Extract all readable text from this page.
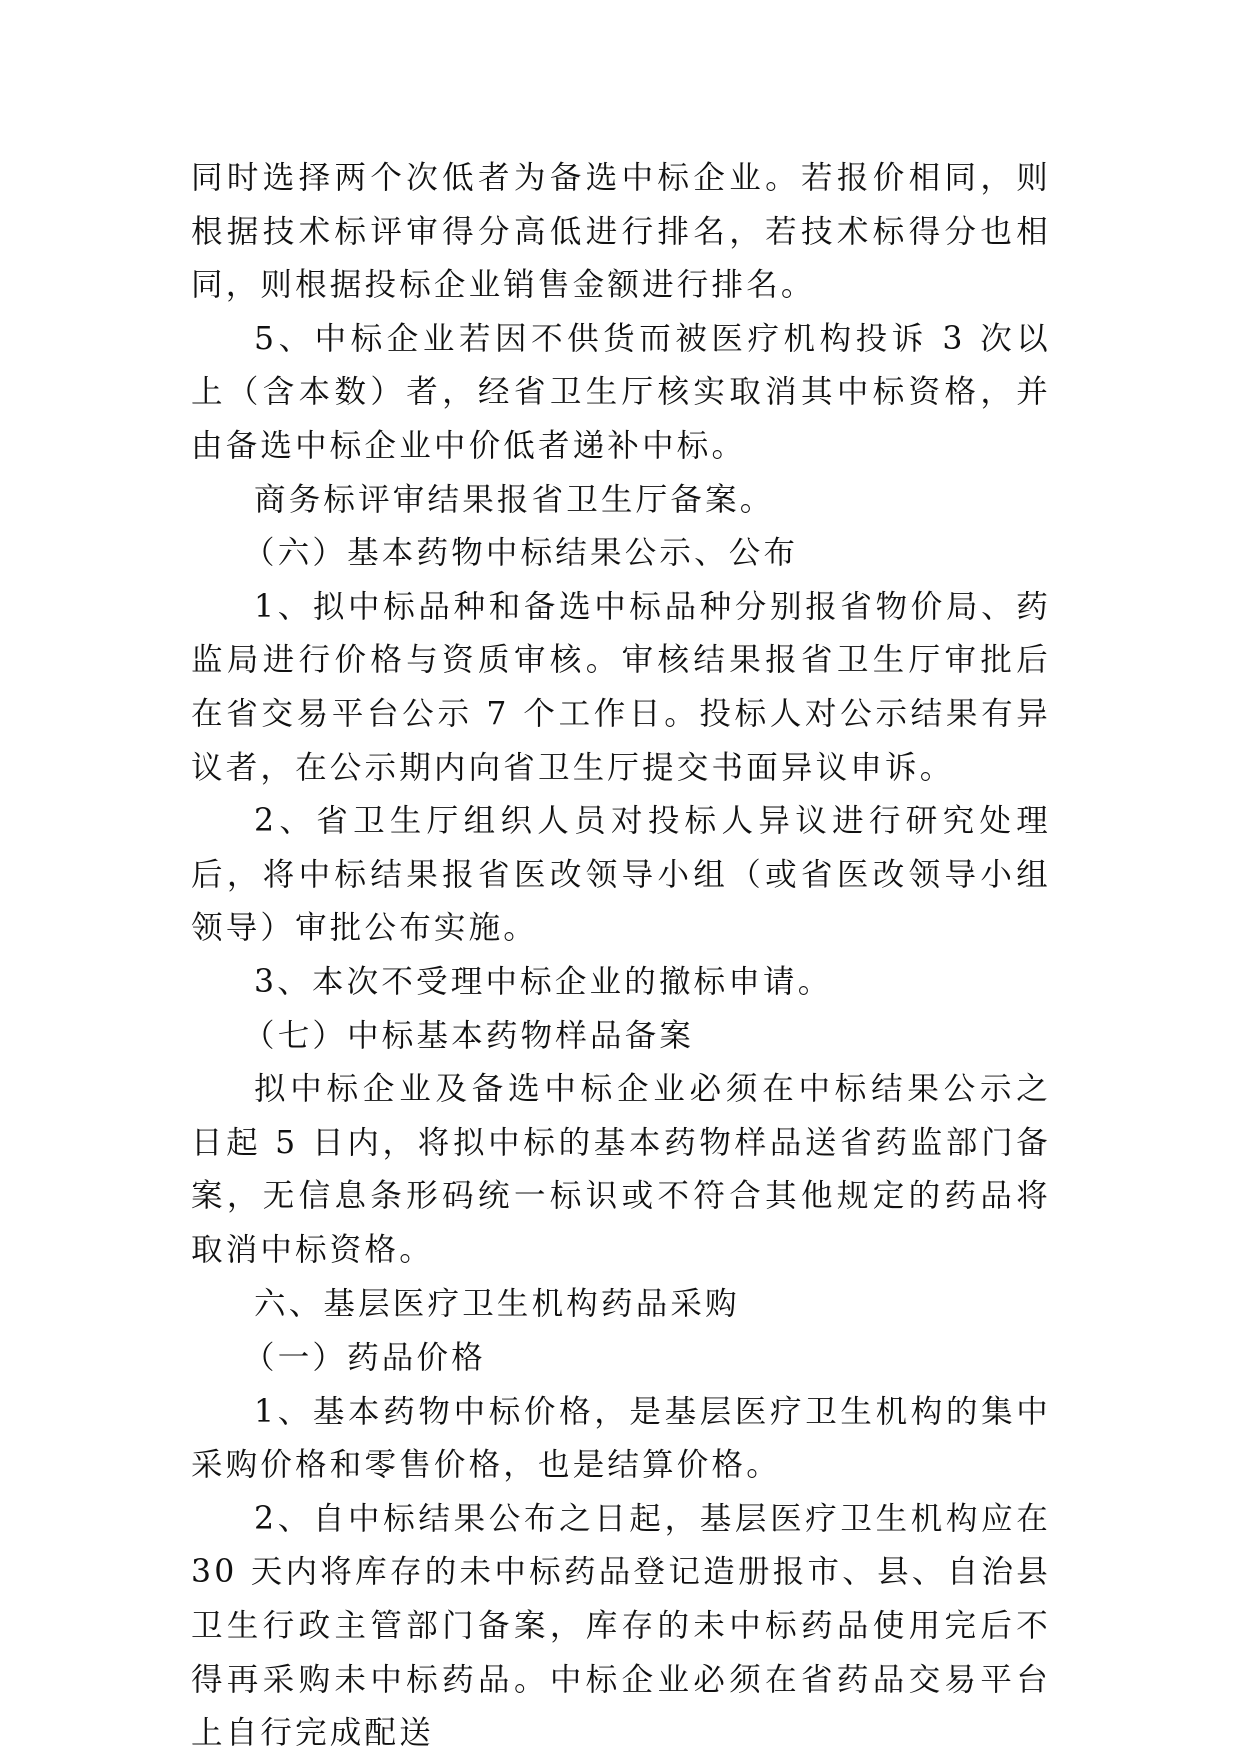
同时选择两个次低者为备选中标企业。若报价相同，则根据技术标评审得分高低进行排名，若技术标得分也相同，则根据投标企业销售金额进行排名。

5、中标企业若因不供货而被医疗机构投诉 3 次以上（含本数）者，经省卫生厅核实取消其中标资格，并由备选中标企业中价低者递补中标。

商务标评审结果报省卫生厅备案。

（六）基本药物中标结果公示、公布

1、拟中标品种和备选中标品种分别报省物价局、药监局进行价格与资质审核。审核结果报省卫生厅审批后在省交易平台公示 7 个工作日。投标人对公示结果有异议者，在公示期内向省卫生厅提交书面异议申诉。

2、省卫生厅组织人员对投标人异议进行研究处理后，将中标结果报省医改领导小组（或省医改领导小组领导）审批公布实施。

3、本次不受理中标企业的撤标申请。

（七）中标基本药物样品备案

拟中标企业及备选中标企业必须在中标结果公示之日起 5 日内，将拟中标的基本药物样品送省药监部门备案，无信息条形码统一标识或不符合其他规定的药品将取消中标资格。

六、基层医疗卫生机构药品采购

（一）药品价格

1、基本药物中标价格，是基层医疗卫生机构的集中采购价格和零售价格，也是结算价格。

2、自中标结果公布之日起，基层医疗卫生机构应在 30 天内将库存的未中标药品登记造册报市、县、自治县卫生行政主管部门备案，库存的未中标药品使用完后不得再采购未中标药品。中标企业必须在省药品交易平台上自行完成配送
